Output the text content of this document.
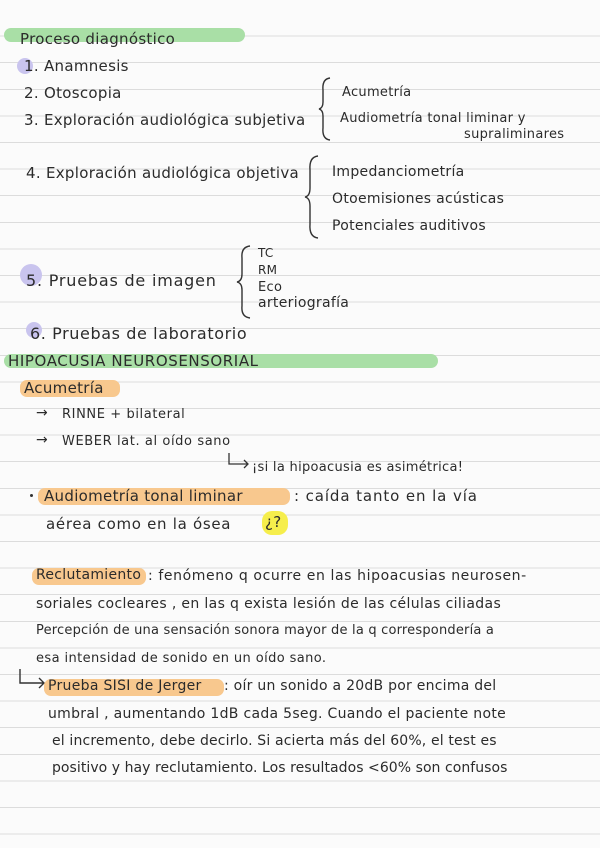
Proceso diagnóstico
1. Anamnesis
2. Otoscopia
3. Exploración audiológica subjetiva
4. Exploración audiológica objetiva
5. Pruebas de imagen
6. Pruebas de laboratorio
Acumetría
Audiometría tonal liminar y
supraliminares
Impedanciometría
Otoemisiones acústicas
Potenciales auditivos
TC
RM
Eco
arteriografía
HIPOACUSIA NEUROSENSORIAL
Acumetría
→ RINNE + bilateral
→ WEBER lat. al oído sano
¡si la hipoacusia es asimétrica!
Audiometría tonal liminar	: caída tanto en la vía
aérea como en la ósea ¿?
Reclutamiento : fenómeno q ocurre en las hipoacusias neurosen-
soriales cocleares , en las q exista lesión de las células ciliadas
Percepción de una sensación sonora mayor de la q correspondería a
esa intensidad de sonido en un oído sano.
Prueba SISI de Jerger : oír un sonido a 20dB por encima del
umbral , aumentando 1dB cada 5seg. Cuando el paciente note
el incremento, debe decirlo. Si acierta más del 60%, el test es
positivo y hay reclutamiento. Los resultados <60% son confusos
